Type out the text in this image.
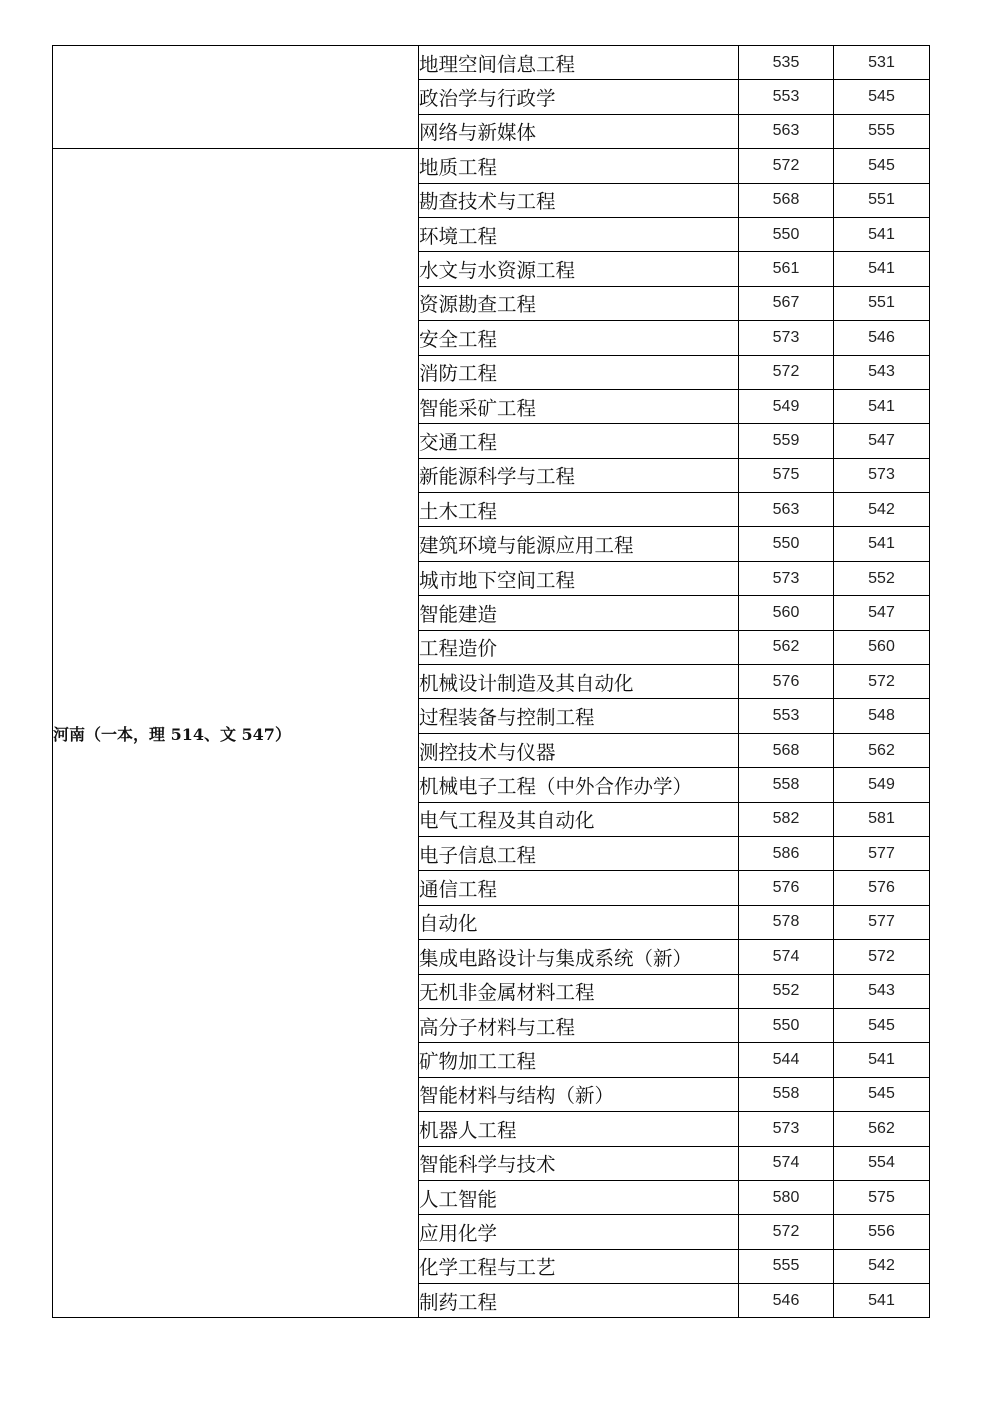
	地理空间信息工程	535	531
	政治学与行政学	553	545
	网络与新媒体	563	555
河南（一本，理 514、文 547）	地质工程	572	545
	勘查技术与工程	568	551
	环境工程	550	541
	水文与水资源工程	561	541
	资源勘查工程	567	551
	安全工程	573	546
	消防工程	572	543
	智能采矿工程	549	541
	交通工程	559	547
	新能源科学与工程	575	573
	土木工程	563	542
	建筑环境与能源应用工程	550	541
	城市地下空间工程	573	552
	智能建造	560	547
	工程造价	562	560
	机械设计制造及其自动化	576	572
	过程装备与控制工程	553	548
	测控技术与仪器	568	562
	机械电子工程（中外合作办学）	558	549
	电气工程及其自动化	582	581
	电子信息工程	586	577
	通信工程	576	576
	自动化	578	577
	集成电路设计与集成系统（新）	574	572
	无机非金属材料工程	552	543
	高分子材料与工程	550	545
	矿物加工工程	544	541
	智能材料与结构（新）	558	545
	机器人工程	573	562
	智能科学与技术	574	554
	人工智能	580	575
	应用化学	572	556
	化学工程与工艺	555	542
	制药工程	546	541
